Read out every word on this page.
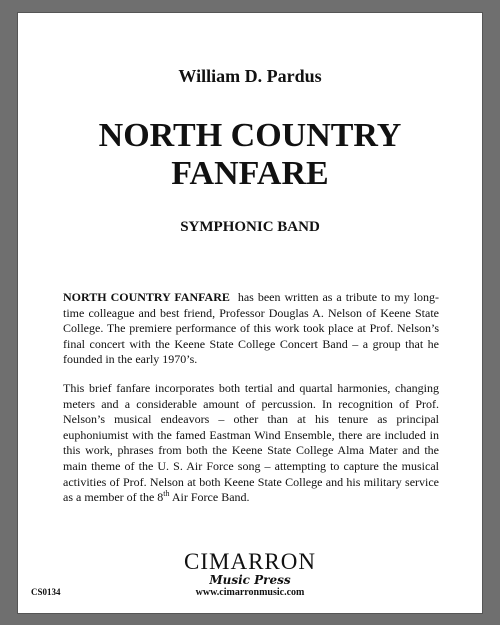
William D. Pardus
NORTH COUNTRY
FANFARE
SYMPHONIC BAND

NORTH COUNTRY FANFARE has been written as a tribute to my long-time colleague and best friend, Professor Douglas A. Nelson of Keene State College. The premiere performance of this work took place at Prof. Nelson’s final concert with the Keene State College Concert Band – a group that he founded in the early 1970’s.

This brief fanfare incorporates both tertial and quartal harmonies, changing meters and a considerable amount of percussion. In recognition of Prof. Nelson’s musical endeavors – other than at his tenure as principal euphoniumist with the famed Eastman Wind Ensemble, there are included in this work, phrases from both the Keene State College Alma Mater and the main theme of the U. S. Air Force song – attempting to capture the musical activities of Prof. Nelson at both Keene State College and his military service as a member of the 8th Air Force Band.

CIMARRON
Music Press
www.cimarronmusic.com
CS0134
